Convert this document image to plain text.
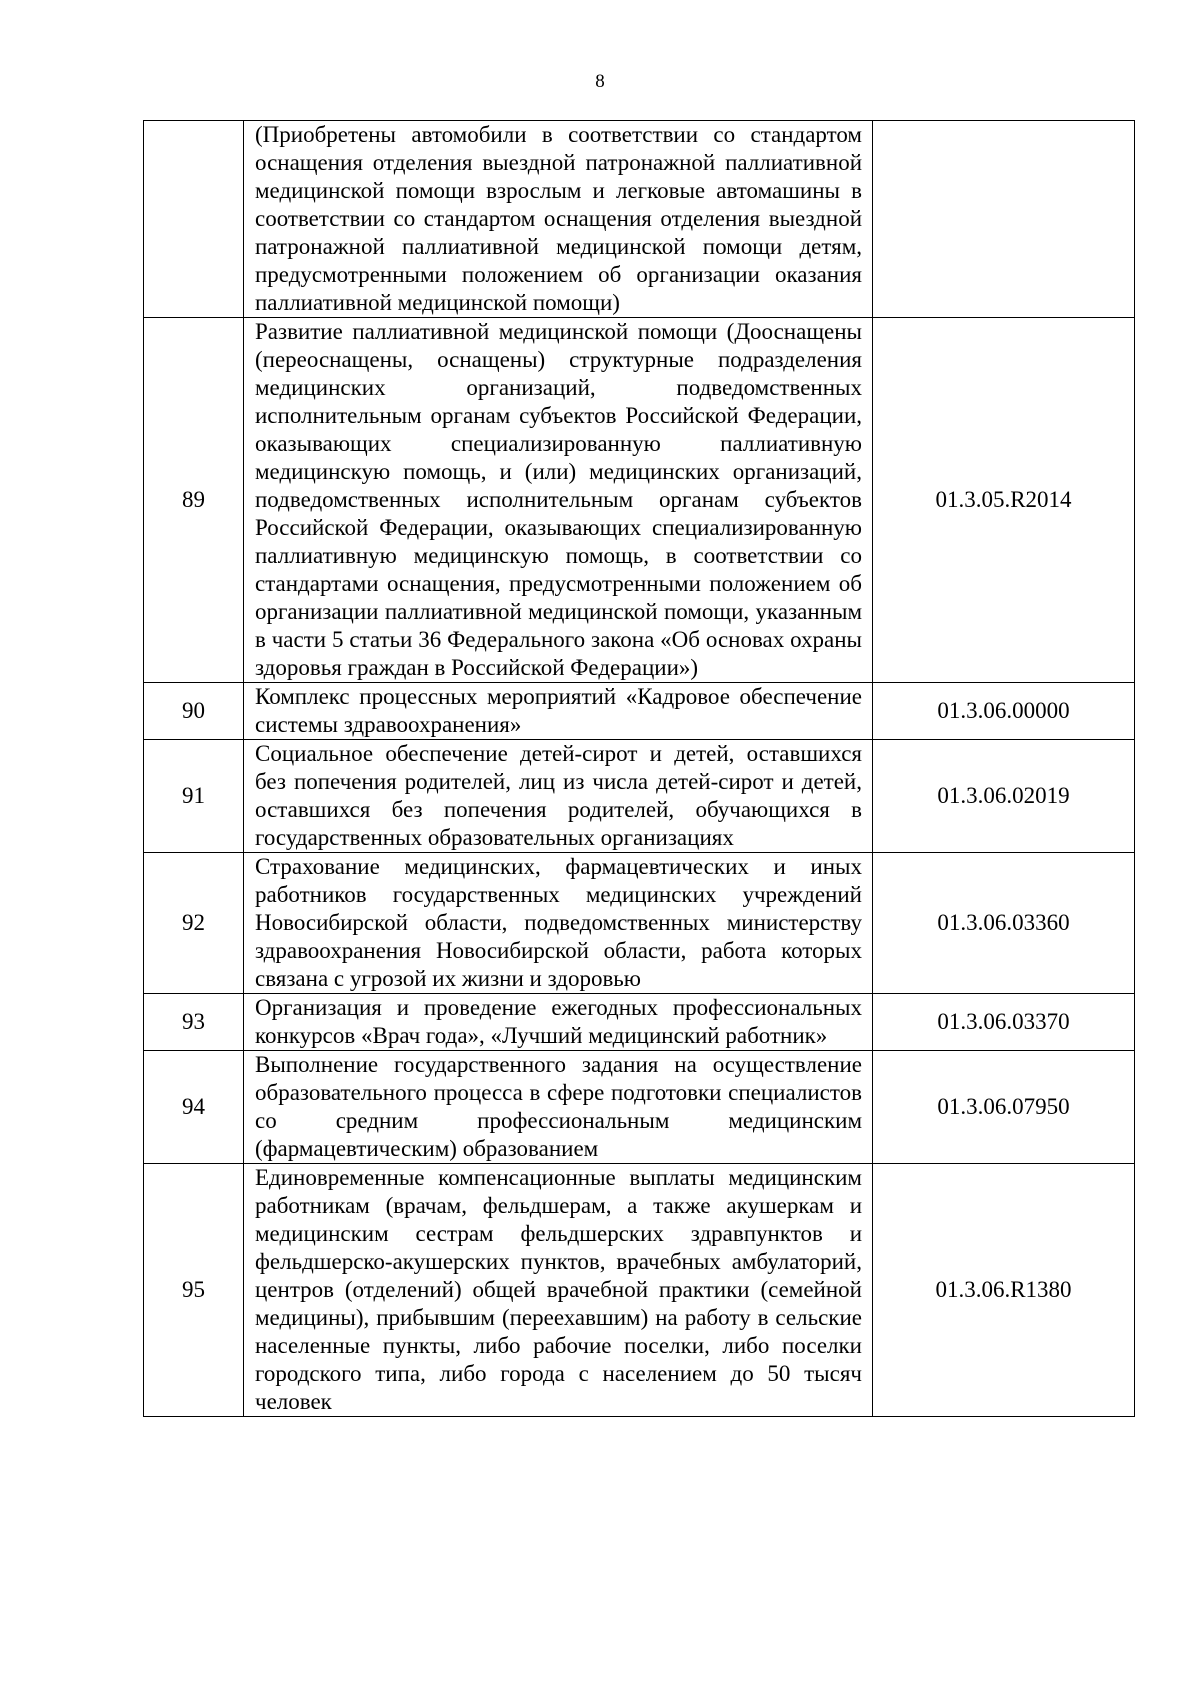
8
	(Приобретены автомобили в соответствии со стандартом оснащения отделения выездной патронажной паллиативной медицинской помощи взрослым и легковые автомашины в соответствии со стандартом оснащения отделения выездной патронажной паллиативной медицинской помощи детям, предусмотренными положением об организации оказания паллиативной медицинской помощи)	
89	Развитие паллиативной медицинской помощи (Дооснащены (переоснащены, оснащены) структурные подразделения медицинских организаций, подведомственных исполнительным органам субъектов Российской Федерации, оказывающих специализированную паллиативную медицинскую помощь, и (или) медицинских организаций, подведомственных исполнительным органам субъектов Российской Федерации, оказывающих специализированную паллиативную медицинскую помощь, в соответствии со стандартами оснащения, предусмотренными положением об организации паллиативной медицинской помощи, указанным в части 5 статьи 36 Федерального закона «Об основах охраны здоровья граждан в Российской Федерации»)	01.3.05.R2014
90	Комплекс процессных мероприятий «Кадровое обеспечение системы здравоохранения»	01.3.06.00000
91	Социальное обеспечение детей-сирот и детей, оставшихся без попечения родителей, лиц из числа детей-сирот и детей, оставшихся без попечения родителей, обучающихся в государственных образовательных организациях	01.3.06.02019
92	Страхование медицинских, фармацевтических и иных работников государственных медицинских учреждений Новосибирской области, подведомственных министерству здравоохранения Новосибирской области, работа которых связана с угрозой их жизни и здоровью	01.3.06.03360
93	Организация и проведение ежегодных профессиональных конкурсов «Врач года», «Лучший медицинский работник»	01.3.06.03370
94	Выполнение государственного задания на осуществление образовательного процесса в сфере подготовки специалистов со средним профессиональным медицинским (фармацевтическим) образованием	01.3.06.07950
95	Единовременные компенсационные выплаты медицинским работникам (врачам, фельдшерам, а также акушеркам и медицинским сестрам фельдшерских здравпунктов и фельдшерско-акушерских пунктов, врачебных амбулаторий, центров (отделений) общей врачебной практики (семейной медицины), прибывшим (переехавшим) на работу в сельские населенные пункты, либо рабочие поселки, либо поселки городского типа, либо города с населением до 50 тысяч человек	01.3.06.R1380
